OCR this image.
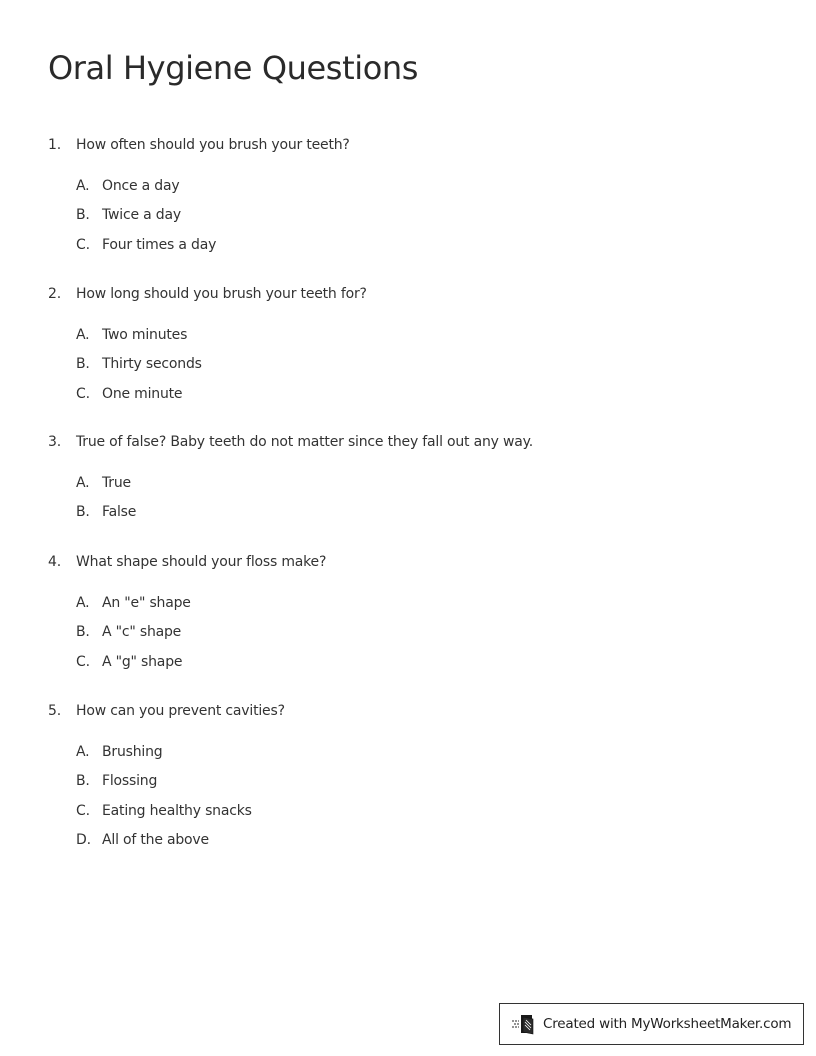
Oral Hygiene Questions
1. How often should you brush your teeth?
A. Once a day
B. Twice a day
C. Four times a day
2. How long should you brush your teeth for?
A. Two minutes
B. Thirty seconds
C. One minute
3. True of false? Baby teeth do not matter since they fall out any way.
A. True
B. False
4. What shape should your floss make?
A. An "e" shape
B. A "c" shape
C. A "g" shape
5. How can you prevent cavities?
A. Brushing
B. Flossing
C. Eating healthy snacks
D. All of the above
Created with MyWorksheetMaker.com
